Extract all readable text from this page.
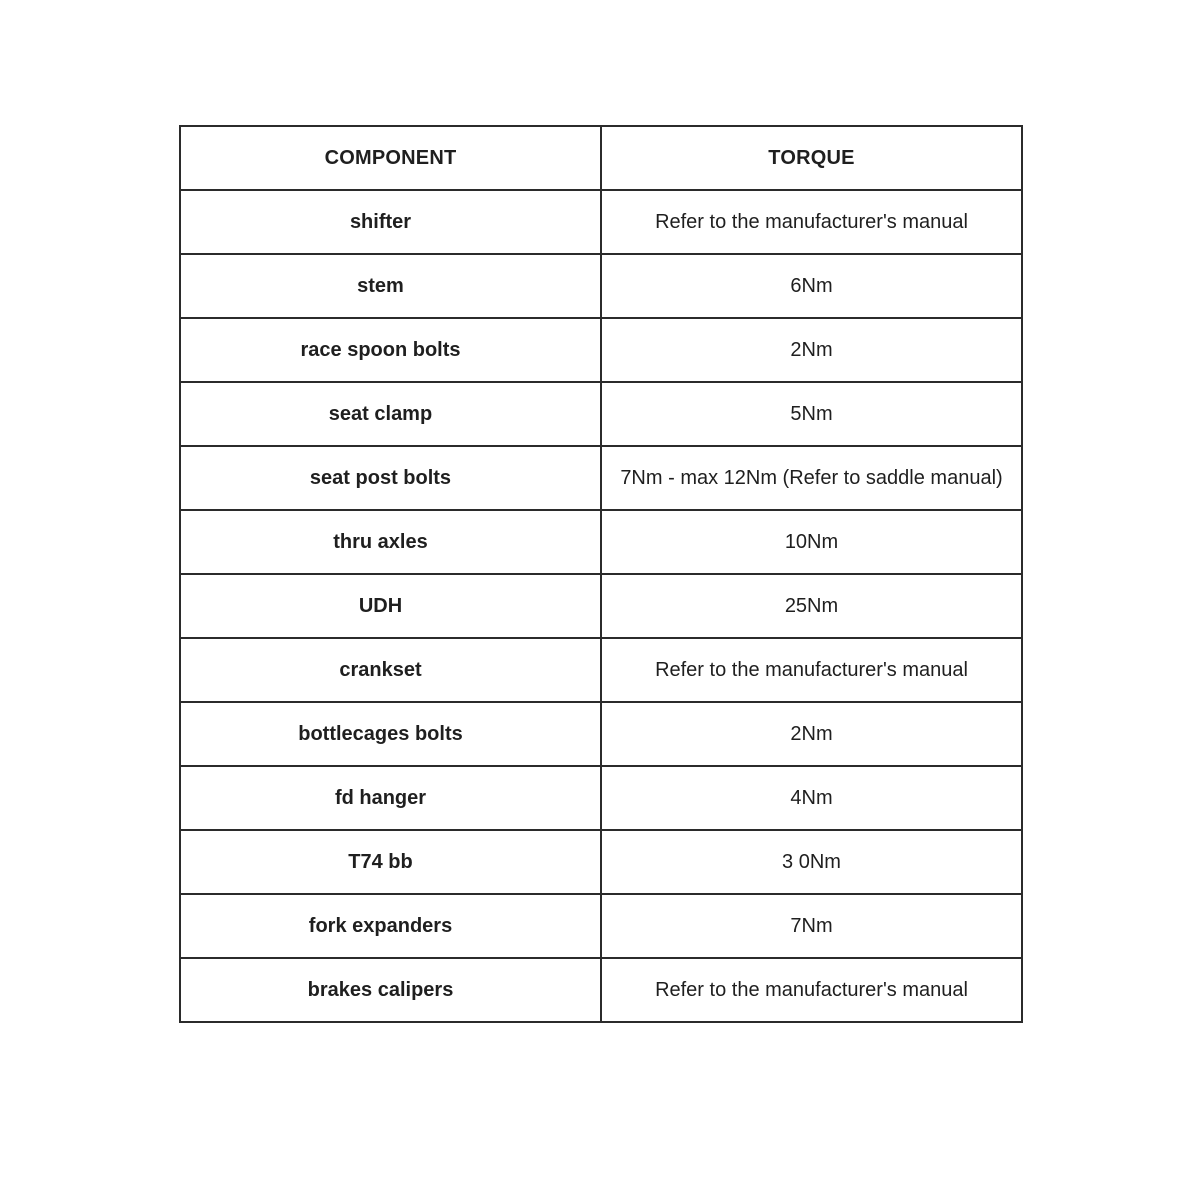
COMPONENT	TORQUE
shifter	Refer to the manufacturer's manual
stem	6Nm
race spoon bolts	2Nm
seat clamp	5Nm
seat post bolts	7Nm - max 12Nm (Refer to saddle manual)
thru axles	10Nm
UDH	25Nm
crankset	Refer to the manufacturer's manual
bottlecages bolts	2Nm
fd hanger	4Nm
T74 bb	3 0Nm
fork expanders	7Nm
brakes calipers	Refer to the manufacturer's manual
